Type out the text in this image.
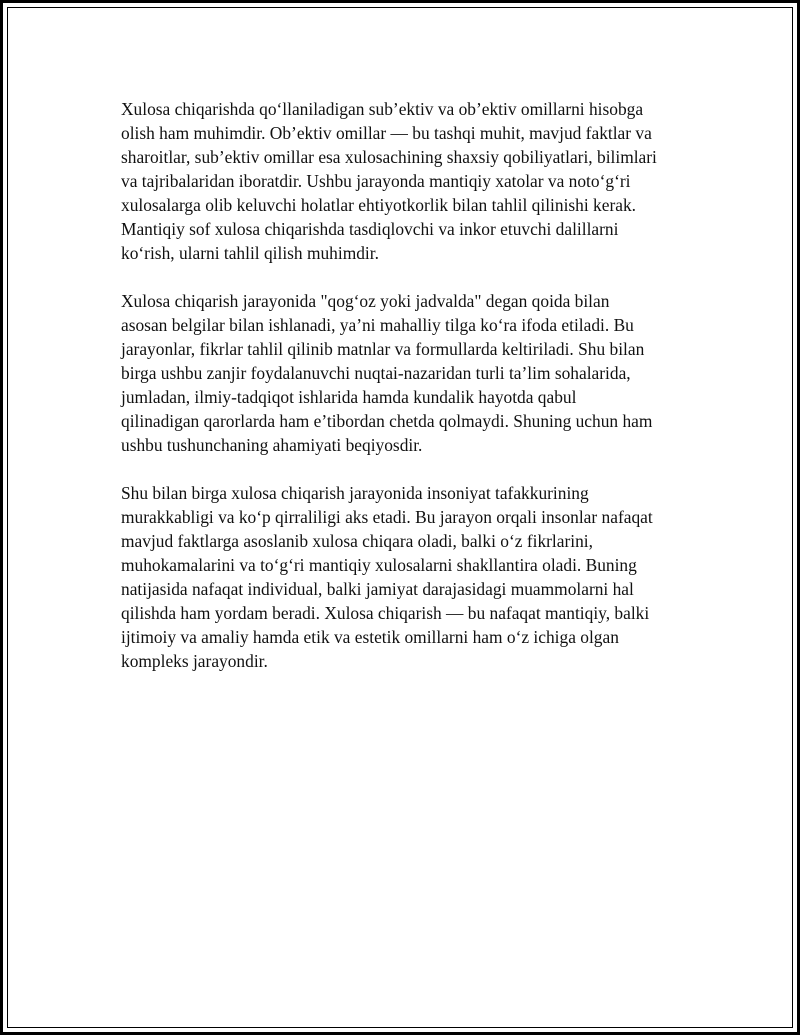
Xulosa chiqarishda qo‘llaniladigan sub’ektiv va ob’ektiv omillarni hisobga
olish ham muhimdir. Ob’ektiv omillar — bu tashqi muhit, mavjud faktlar va
sharoitlar, sub’ektiv omillar esa xulosachining shaxsiy qobiliyatlari, bilimlari
va tajribalaridan iboratdir. Ushbu jarayonda mantiqiy xatolar va noto‘g‘ri
xulosalarga olib keluvchi holatlar ehtiyotkorlik bilan tahlil qilinishi kerak.
Mantiqiy sof xulosa chiqarishda tasdiqlovchi va inkor etuvchi dalillarni
ko‘rish, ularni tahlil qilish muhimdir.

Xulosa chiqarish jarayonida "qog‘oz yoki jadvalda" degan qoida bilan
asosan belgilar bilan ishlanadi, ya’ni mahalliy tilga ko‘ra ifoda etiladi. Bu
jarayonlar, fikrlar tahlil qilinib matnlar va formullarda keltiriladi. Shu bilan
birga ushbu zanjir foydalanuvchi nuqtai-nazaridan turli ta’lim sohalarida,
jumladan, ilmiy-tadqiqot ishlarida hamda kundalik hayotda qabul
qilinadigan qarorlarda ham e’tibordan chetda qolmaydi. Shuning uchun ham
ushbu tushunchaning ahamiyati beqiyosdir.

Shu bilan birga xulosa chiqarish jarayonida insoniyat tafakkurining
murakkabligi va ko‘p qirraliligi aks etadi. Bu jarayon orqali insonlar nafaqat
mavjud faktlarga asoslanib xulosa chiqara oladi, balki o‘z fikrlarini,
muhokamalarini va to‘g‘ri mantiqiy xulosalarni shakllantira oladi. Buning
natijasida nafaqat individual, balki jamiyat darajasidagi muammolarni hal
qilishda ham yordam beradi. Xulosa chiqarish — bu nafaqat mantiqiy, balki
ijtimoiy va amaliy hamda etik va estetik omillarni ham o‘z ichiga olgan
kompleks jarayondir.
